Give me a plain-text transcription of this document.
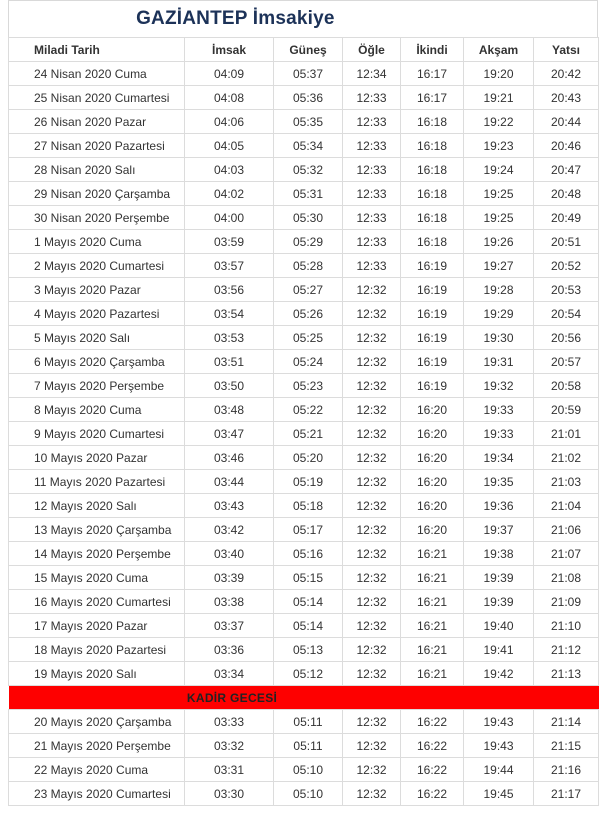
GAZİANTEP İmsakiye
Miladi Tarih	İmsak	Güneş	Öğle	İkindi	Akşam	Yatsı
24 Nisan 2020 Cuma	04:09	05:37	12:34	16:17	19:20	20:42
25 Nisan 2020 Cumartesi	04:08	05:36	12:33	16:17	19:21	20:43
26 Nisan 2020 Pazar	04:06	05:35	12:33	16:18	19:22	20:44
27 Nisan 2020 Pazartesi	04:05	05:34	12:33	16:18	19:23	20:46
28 Nisan 2020 Salı	04:03	05:32	12:33	16:18	19:24	20:47
29 Nisan 2020 Çarşamba	04:02	05:31	12:33	16:18	19:25	20:48
30 Nisan 2020 Perşembe	04:00	05:30	12:33	16:18	19:25	20:49
1 Mayıs 2020 Cuma	03:59	05:29	12:33	16:18	19:26	20:51
2 Mayıs 2020 Cumartesi	03:57	05:28	12:33	16:19	19:27	20:52
3 Mayıs 2020 Pazar	03:56	05:27	12:32	16:19	19:28	20:53
4 Mayıs 2020 Pazartesi	03:54	05:26	12:32	16:19	19:29	20:54
5 Mayıs 2020 Salı	03:53	05:25	12:32	16:19	19:30	20:56
6 Mayıs 2020 Çarşamba	03:51	05:24	12:32	16:19	19:31	20:57
7 Mayıs 2020 Perşembe	03:50	05:23	12:32	16:19	19:32	20:58
8 Mayıs 2020 Cuma	03:48	05:22	12:32	16:20	19:33	20:59
9 Mayıs 2020 Cumartesi	03:47	05:21	12:32	16:20	19:33	21:01
10 Mayıs 2020 Pazar	03:46	05:20	12:32	16:20	19:34	21:02
11 Mayıs 2020 Pazartesi	03:44	05:19	12:32	16:20	19:35	21:03
12 Mayıs 2020 Salı	03:43	05:18	12:32	16:20	19:36	21:04
13 Mayıs 2020 Çarşamba	03:42	05:17	12:32	16:20	19:37	21:06
14 Mayıs 2020 Perşembe	03:40	05:16	12:32	16:21	19:38	21:07
15 Mayıs 2020 Cuma	03:39	05:15	12:32	16:21	19:39	21:08
16 Mayıs 2020 Cumartesi	03:38	05:14	12:32	16:21	19:39	21:09
17 Mayıs 2020 Pazar	03:37	05:14	12:32	16:21	19:40	21:10
18 Mayıs 2020 Pazartesi	03:36	05:13	12:32	16:21	19:41	21:12
19 Mayıs 2020 Salı	03:34	05:12	12:32	16:21	19:42	21:13

KADİR GECESİ						

20 Mayıs 2020 Çarşamba	03:33	05:11	12:32	16:22	19:43	21:14
21 Mayıs 2020 Perşembe	03:32	05:11	12:32	16:22	19:43	21:15
22 Mayıs 2020 Cuma	03:31	05:10	12:32	16:22	19:44	21:16
23 Mayıs 2020 Cumartesi	03:30	05:10	12:32	16:22	19:45	21:17
